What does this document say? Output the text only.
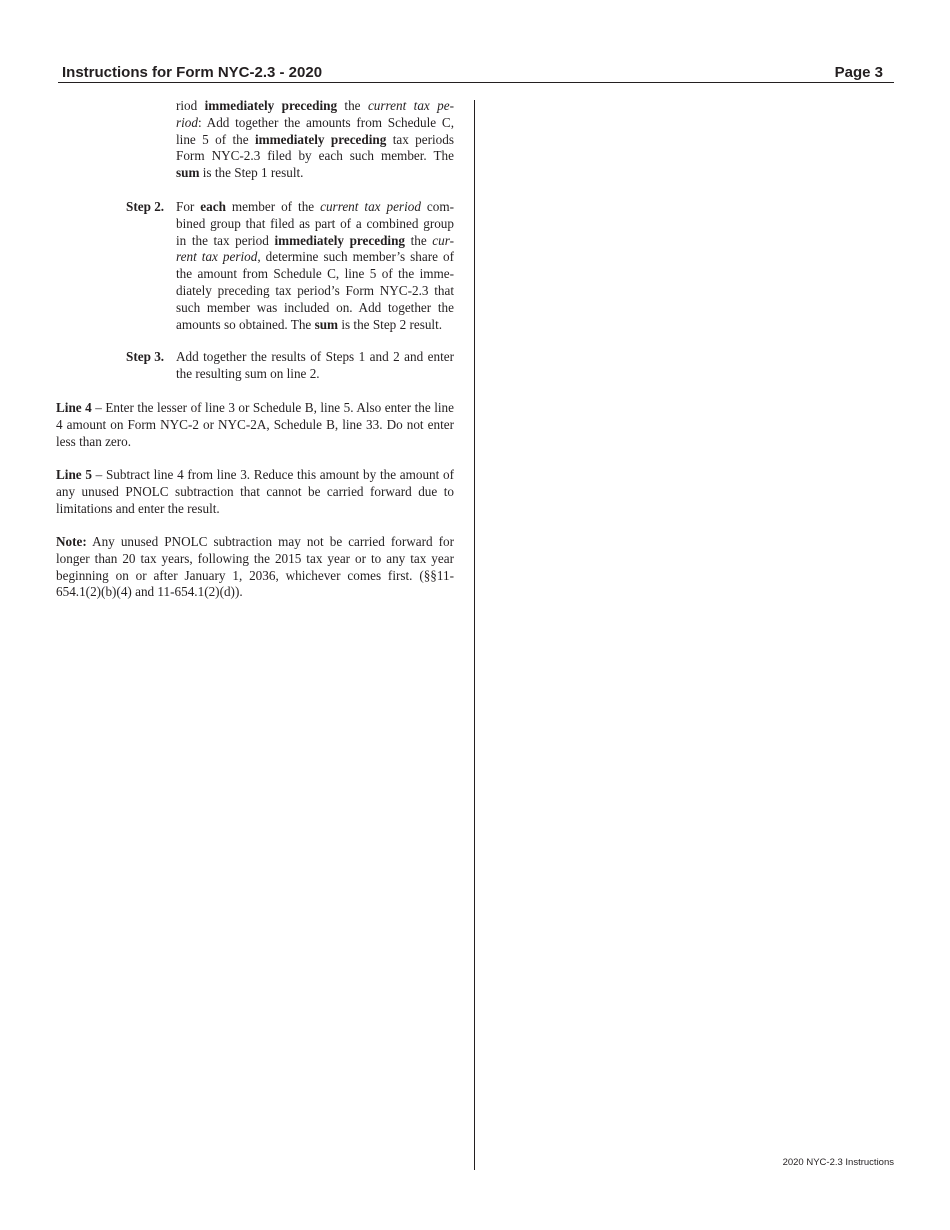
Instructions for Form NYC-2.3 - 2020	Page 3
riod immediately preceding the current tax pe-riod: Add together the amounts from Schedule C, line 5 of the immediately preceding tax periods Form NYC-2.3 filed by each such member. The sum is the Step 1 result.
Step 2. For each member of the current tax period com-bined group that filed as part of a combined group in the tax period immediately preceding the cur-rent tax period, determine such member’s share of the amount from Schedule C, line 5 of the imme-diately preceding tax period’s Form NYC-2.3 that such member was included on. Add together the amounts so obtained. The sum is the Step 2 result.
Step 3. Add together the results of Steps 1 and 2 and enter the resulting sum on line 2.
Line 4 – Enter the lesser of line 3 or Schedule B, line 5. Also enter the line 4 amount on Form NYC-2 or NYC-2A, Schedule B, line 33. Do not enter less than zero.
Line 5 – Subtract line 4 from line 3. Reduce this amount by the amount of any unused PNOLC subtraction that cannot be carried forward due to limitations and enter the result.
Note: Any unused PNOLC subtraction may not be carried forward for longer than 20 tax years, following the 2015 tax year or to any tax year beginning on or after January 1, 2036, whichever comes first. (§§11-654.1(2)(b)(4) and 11-654.1(2)(d)).
2020 NYC-2.3 Instructions
